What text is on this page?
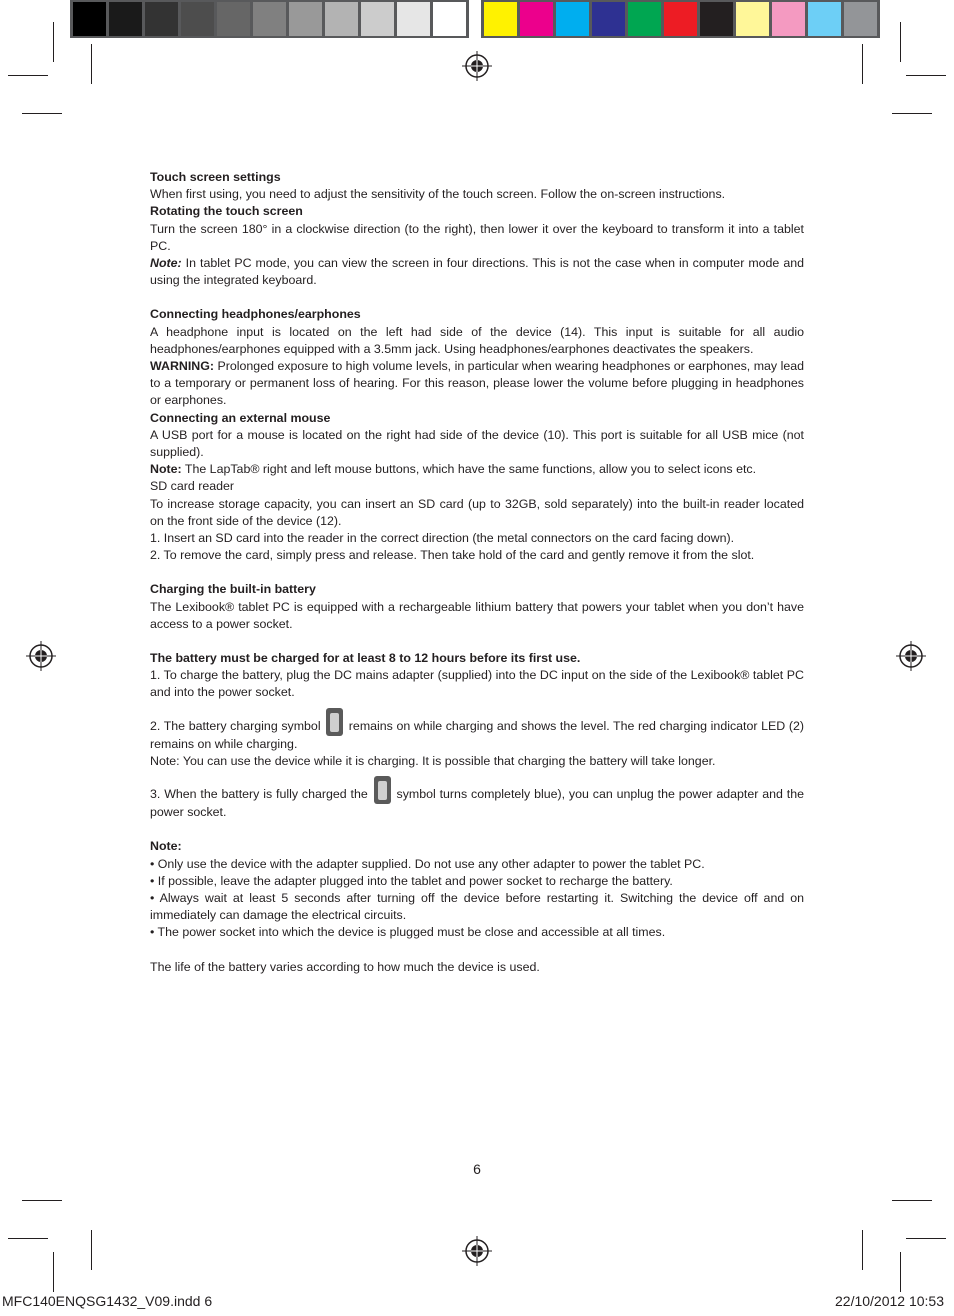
Touch screen settings

When first using, you need to adjust the sensitivity of the touch screen. Follow the on-screen instructions.

Rotating the touch screen

Turn the screen 180° in a clockwise direction (to the right), then lower it over the keyboard to transform it into a tablet PC.

Note: In tablet PC mode, you can view the screen in four directions. This is not the case when in computer mode and using the integrated keyboard.

Connecting headphones/earphones

A headphone input is located on the left had side of the device (14). This input is suitable for all audio headphones/earphones equipped with a 3.5mm jack. Using headphones/earphones deactivates the speakers.

WARNING: Prolonged exposure to high volume levels, in particular when wearing headphones or earphones, may lead to a temporary or permanent loss of hearing. For this reason, please lower the volume before plugging in headphones or earphones.

Connecting an external mouse

A USB port for a mouse is located on the right had side of the device (10). This port is suitable for all USB mice (not supplied).

Note: The LapTab® right and left mouse buttons, which have the same functions, allow you to select icons etc.

SD card reader

To increase storage capacity, you can insert an SD card (up to 32GB, sold separately) into the built-in reader located on the front side of the device (12).

1. Insert an SD card into the reader in the correct direction (the metal connectors on the card facing down).

2. To remove the card, simply press and release. Then take hold of the card and gently remove it from the slot.

Charging the built-in battery

The Lexibook® tablet PC is equipped with a rechargeable lithium battery that powers your tablet when you don’t have access to a power socket.

The battery must be charged for at least 8 to 12 hours before its first use.

1. To charge the battery, plug the DC mains adapter (supplied) into the DC input on the side of the Lexibook® tablet PC and into the power socket.

2. The battery charging symbol  remains on while charging and shows the level. The red charging indicator LED (2) remains on while charging.

Note: You can use the device while it is charging. It is possible that charging the battery will take longer.

3. When the battery is fully charged the  symbol turns completely blue), you can unplug the power adapter and the power socket.

Note:

• Only use the device with the adapter supplied. Do not use any other adapter to power the tablet PC.

• If possible, leave the adapter plugged into the tablet and power socket to recharge the battery.

• Always wait at least 5 seconds after turning off the device before restarting it. Switching the device off and on immediately can damage the electrical circuits.

• The power socket into which the device is plugged must be close and accessible at all times.

The life of the battery varies according to how much the device is used.

6
MFC140ENQSG1432_V09.indd 6	22/10/2012 10:53
